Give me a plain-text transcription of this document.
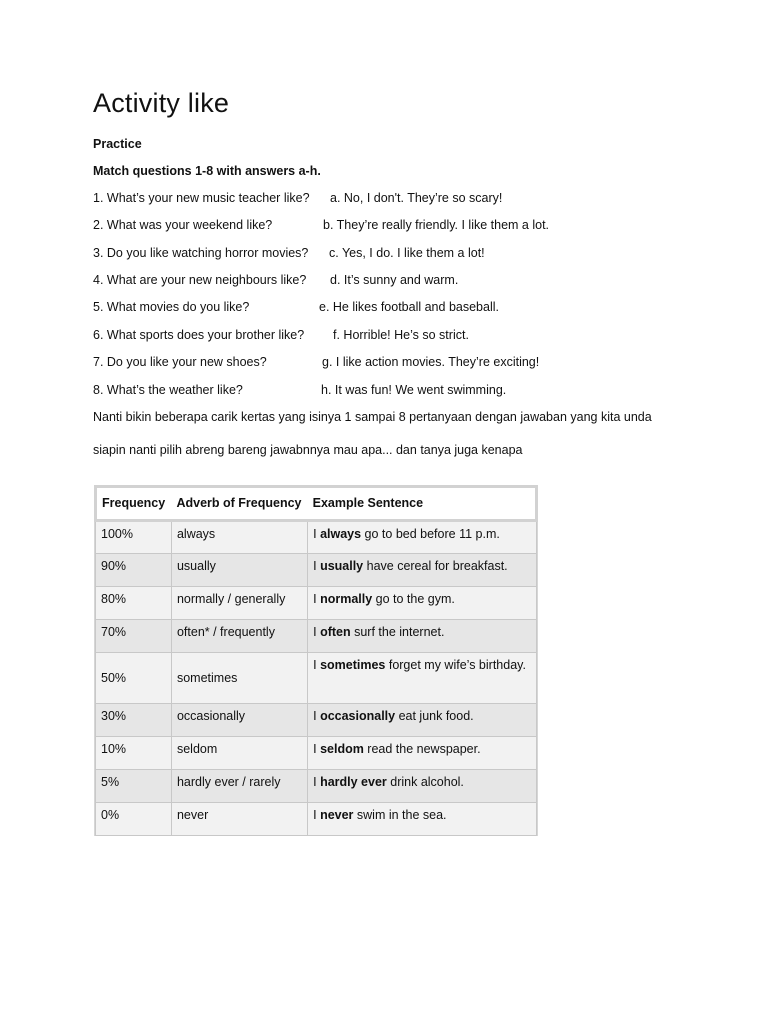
Activity like
Practice
Match questions 1-8 with answers a-h.
1. What’s your new music teacher like? a. No, I don't. They’re so scary!
2. What was your weekend like?	b. They’re really friendly. I like them a lot.
3. Do you like watching horror movies? c. Yes, I do. I like them a lot!
4. What are your new neighbours like? d. It’s sunny and warm.
5. What movies do you like?	e. He likes football and baseball.
6. What sports does your brother like? f. Horrible! He’s so strict.
7. Do you like your new shoes?	g. I like action movies. They’re exciting!
8. What’s the weather like?	h. It was fun! We went swimming.
Nanti bikin beberapa carik kertas yang isinya 1 sampai 8 pertanyaan dengan jawaban yang kita unda
siapin nanti pilih abreng bareng jawabnnya mau apa... dan tanya juga kenapa
Frequency	Adverb of Frequency	Example Sentence
100%	always	I always go to bed before 11 p.m.
90%	usually	I usually have cereal for breakfast.
80%	normally / generally	I normally go to the gym.
70%	often* / frequently	I often surf the internet.
50%	sometimes	I sometimes forget my wife’s birthday.
30%	occasionally	I occasionally eat junk food.
10%	seldom	I seldom read the newspaper.
5%	hardly ever / rarely	I hardly ever drink alcohol.
0%	never	I never swim in the sea.
